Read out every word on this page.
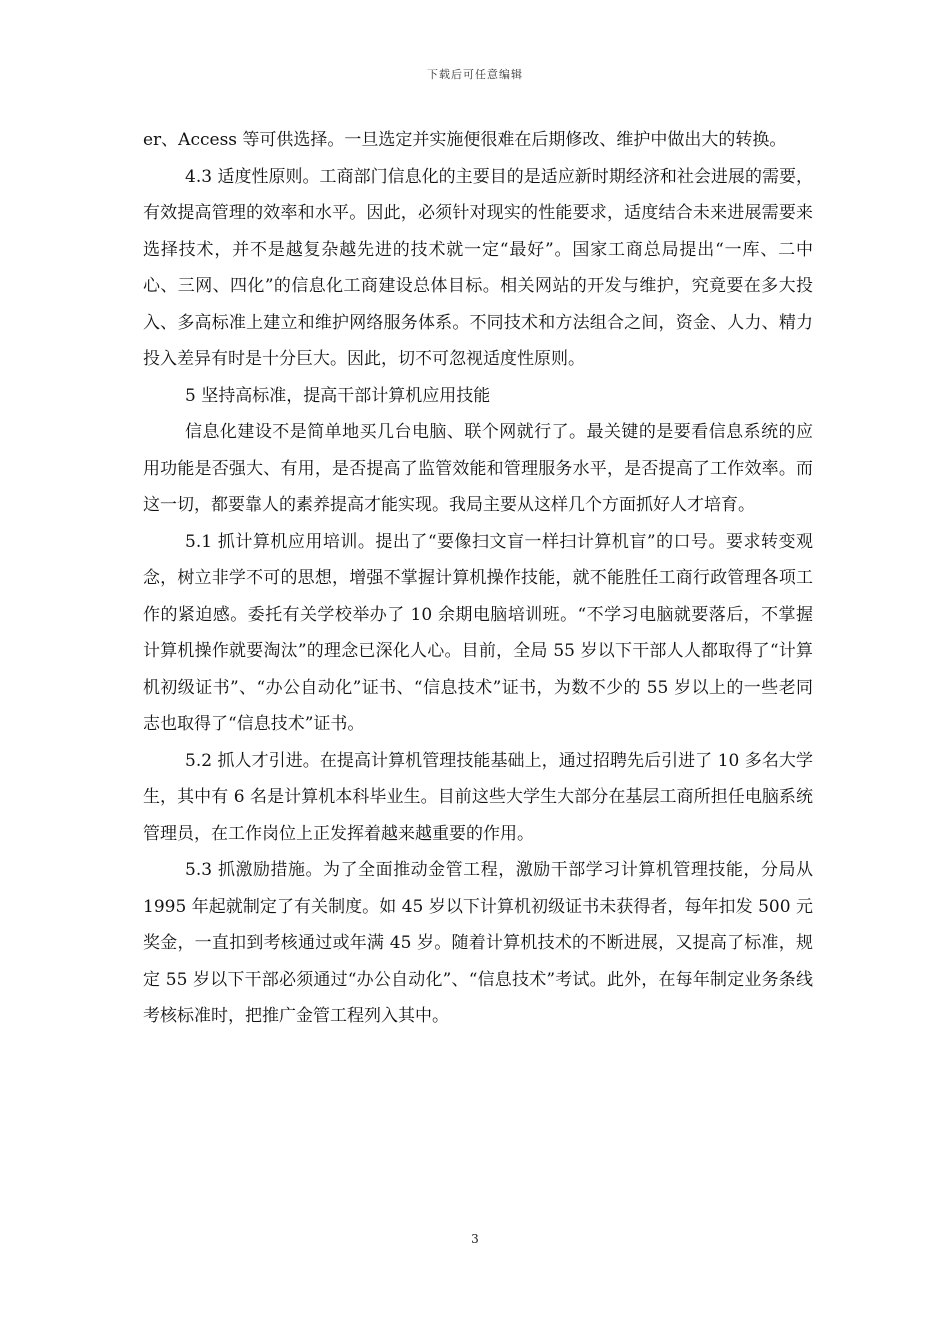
下载后可任意编辑

er、Access 等可供选择。一旦选定并实施便很难在后期修改、维护中做出大的转换。

4.3 适度性原则。工商部门信息化的主要目的是适应新时期经济和社会进展的需要，有效提高管理的效率和水平。因此，必须针对现实的性能要求，适度结合未来进展需要来选择技术，并不是越复杂越先进的技术就一定“最好”。国家工商总局提出“一库、二中心、三网、四化”的信息化工商建设总体目标。相关网站的开发与维护，究竟要在多大投入、多高标准上建立和维护网络服务体系。不同技术和方法组合之间，资金、人力、精力投入差异有时是十分巨大。因此，切不可忽视适度性原则。

5 坚持高标准，提高干部计算机应用技能

信息化建设不是简单地买几台电脑、联个网就行了。最关键的是要看信息系统的应用功能是否强大、有用，是否提高了监管效能和管理服务水平，是否提高了工作效率。而这一切，都要靠人的素养提高才能实现。我局主要从这样几个方面抓好人才培育。

5.1 抓计算机应用培训。提出了“要像扫文盲一样扫计算机盲”的口号。要求转变观念，树立非学不可的思想，增强不掌握计算机操作技能，就不能胜任工商行政管理各项工作的紧迫感。委托有关学校举办了 10 余期电脑培训班。“不学习电脑就要落后，不掌握计算机操作就要淘汰”的理念已深化人心。目前，全局 55 岁以下干部人人都取得了“计算机初级证书”、“办公自动化”证书、“信息技术”证书，为数不少的 55 岁以上的一些老同志也取得了“信息技术”证书。

5.2 抓人才引进。在提高计算机管理技能基础上，通过招聘先后引进了 10 多名大学生，其中有 6 名是计算机本科毕业生。目前这些大学生大部分在基层工商所担任电脑系统管理员，在工作岗位上正发挥着越来越重要的作用。

5.3 抓激励措施。为了全面推动金管工程，激励干部学习计算机管理技能，分局从 1995 年起就制定了有关制度。如 45 岁以下计算机初级证书未获得者，每年扣发 500 元奖金，一直扣到考核通过或年满 45 岁。随着计算机技术的不断进展，又提高了标准，规定 55 岁以下干部必须通过“办公自动化”、“信息技术”考试。此外，在每年制定业务条线考核标准时，把推广金管工程列入其中。

3
